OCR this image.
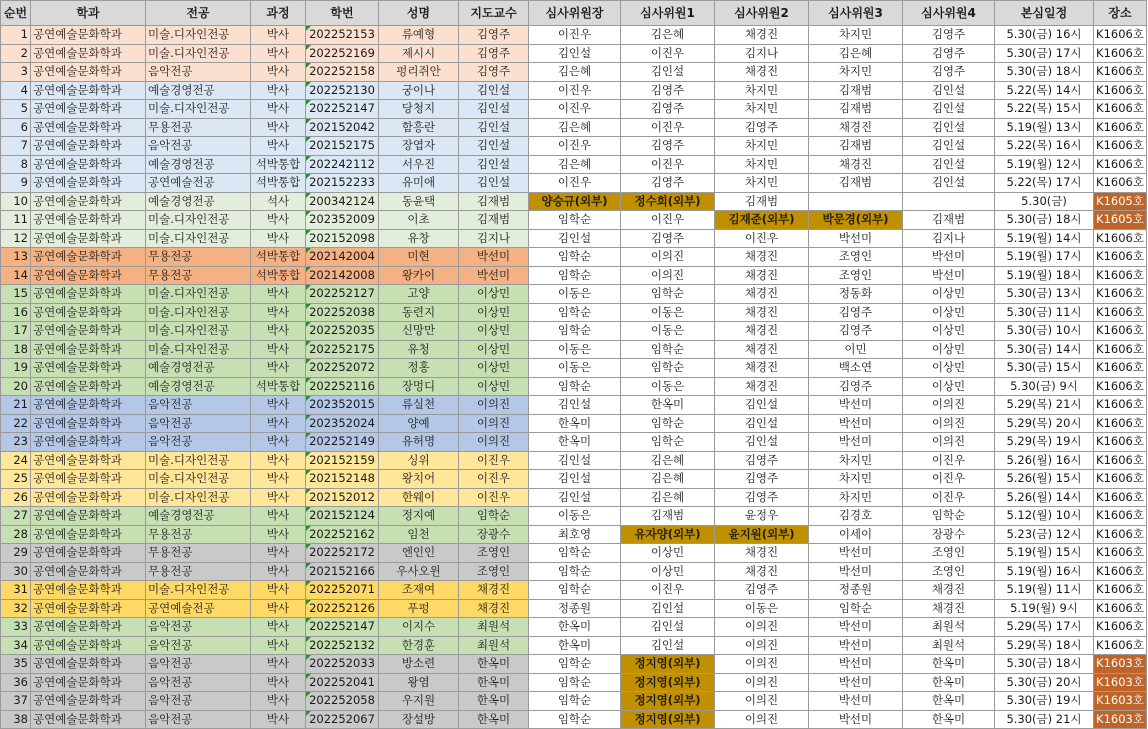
순번	학과	전공	과정	학번	성명	지도교수	심사위원장	심사위원1	심사위원2	심사위원3	심사위원4	본심일정	장소
1	공연예술문화학과	미술.디자인전공	박사	202252153	류예형	김영주	이진우	김은혜	채경진	차지민	김영주	5.30(금) 16시	K1606호
2	공연예술문화학과	미술.디자인전공	박사	202252169	제시시	김영주	김인설	이진우	김지나	김은혜	김영주	5.30(금) 17시	K1606호
3	공연예술문화학과	음악전공	박사	202252158	펑리쥐안	김영주	김은혜	김인설	채경진	차지민	김영주	5.30(금) 18시	K1606호
4	공연예술문화학과	예술경영전공	박사	202252130	궁이나	김인설	이진우	김영주	차지민	김재범	김인설	5.22(목) 14시	K1606호
5	공연예술문화학과	미술.디자인전공	박사	202252147	당청지	김인설	이진우	김영주	차지민	김재범	김인설	5.22(목) 15시	K1606호
6	공연예술문화학과	무용전공	박사	202152042	함흥란	김인설	김은혜	이진우	김영주	채경진	김인설	5.19(월) 13시	K1606호
7	공연예술문화학과	음악전공	박사	202152175	장엽자	김인설	이진우	김영주	차지민	김재범	김인설	5.22(목) 16시	K1606호
8	공연예술문화학과	예술경영전공	석박통합	202242112	서우진	김인설	김은혜	이진우	차지민	채경진	김인설	5.19(월) 12시	K1606호
9	공연예술문화학과	공연예술전공	석박통합	202152233	유미애	김인설	이진우	김영주	차지민	김재범	김인설	5.22(목) 17시	K1606호
10	공연예술문화학과	예술경영전공	석사	200342124	동윤택	김재범	양승규(외부)	정수희(외부)	김재범			5.30(금)	K1605호
11	공연예술문화학과	미술.디자인전공	박사	202352009	이초	김재범	임학순	이진우	김재준(외부)	박문경(외부)	김재범	5.30(금) 18시	K1605호
12	공연예술문화학과	미술.디자인전공	박사	202152098	유창	김지나	김인설	김영주	이진우	박선미	김지나	5.19(월) 14시	K1606호
13	공연예술문화학과	무용전공	석박통합	202142004	미현	박선미	임학순	이의진	채경진	조영인	박선미	5.19(월) 17시	K1606호
14	공연예술문화학과	무용전공	석박통합	202142008	왕카이	박선미	임학순	이의진	채경진	조영인	박선미	5.19(월) 18시	K1606호
15	공연예술문화학과	미술.디자인전공	박사	202252127	고양	이상민	이동은	임학순	채경진	정동화	이상민	5.30(금) 13시	K1606호
16	공연예술문화학과	미술.디자인전공	박사	202252038	동련지	이상민	임학순	이동은	채경진	김영주	이상민	5.30(금) 11시	K1606호
17	공연예술문화학과	미술.디자인전공	박사	202252035	신망만	이상민	임학순	이동은	채경진	김영주	이상민	5.30(금) 10시	K1606호
18	공연예술문화학과	미술.디자인전공	박사	202252175	유청	이상민	이동은	임학순	채경진	이민	이상민	5.30(금) 14시	K1606호
19	공연예술문화학과	예술경영전공	박사	202252072	정홍	이상민	이동은	임학순	채경진	백소연	이상민	5.30(금) 15시	K1606호
20	공연예술문화학과	예술경영전공	석박통합	202252116	장멍디	이상민	임학순	이동은	채경진	김영주	이상민	5.30(금) 9시	K1606호
21	공연예술문화학과	음악전공	박사	202352015	류실천	이의진	김인설	한옥미	김인설	박선미	이의진	5.29(목) 21시	K1606호
22	공연예술문화학과	음악전공	박사	202352024	양예	이의진	한옥미	임학순	김인설	박선미	이의진	5.29(목) 20시	K1606호
23	공연예술문화학과	음악전공	박사	202252149	유허명	이의진	한옥미	임학순	김인설	박선미	이의진	5.29(목) 19시	K1606호
24	공연예술문화학과	미술.디자인전공	박사	202152159	싱위	이진우	김인설	김은혜	김영주	차지민	이진우	5.26(월) 16시	K1606호
25	공연예술문화학과	미술.디자인전공	박사	202152148	왕치어	이진우	김인설	김은혜	김영주	차지민	이진우	5.26(월) 15시	K1606호
26	공연예술문화학과	미술.디자인전공	박사	202152012	한웨이	이진우	김인설	김은혜	김영주	차지민	이진우	5.26(월) 14시	K1606호
27	공연예술문화학과	예술경영전공	박사	202152124	정지예	임학순	이동은	김재범	윤정우	김경호	임학순	5.12(월) 10시	K1606호
28	공연예술문화학과	무용전공	박사	202252162	임천	장광수	최호영	유자양(외부)	윤지원(외부)	이세이	장광수	5.23(금) 12시	K1606호
29	공연예술문화학과	무용전공	박사	202252172	엔인인	조영인	임학순	이상민	채경진	박선미	조영인	5.19(월) 15시	K1606호
30	공연예술문화학과	무용전공	박사	202152166	우사오윈	조영인	임학순	이상민	채경진	박선미	조영인	5.19(월) 16시	K1606호
31	공연예술문화학과	미술.디자인전공	박사	202252071	조재여	채경진	임학순	이진우	김영주	정종원	채경진	5.19(월) 11시	K1606호
32	공연예술문화학과	공연예술전공	박사	202252126	푸펑	채경진	정종원	김인설	이동은	임학순	채경진	5.19(월) 9시	K1606호
33	공연예술문화학과	음악전공	박사	202252147	이지수	최원석	한옥미	김인설	이의진	박선미	최원석	5.29(목) 17시	K1606호
34	공연예술문화학과	음악전공	박사	202252132	한경훈	최원석	한옥미	김인설	이의진	박선미	최원석	5.29(목) 18시	K1606호
35	공연예술문화학과	음악전공	박사	202252033	방소련	한옥미	임학순	정지영(외부)	이의진	박선미	한옥미	5.30(금) 18시	K1603호
36	공연예술문화학과	음악전공	박사	202252041	왕염	한옥미	임학순	정지영(외부)	이의진	박선미	한옥미	5.30(금) 20시	K1603호
37	공연예술문화학과	음악전공	박사	202252058	우지원	한옥미	임학순	정지영(외부)	이의진	박선미	한옥미	5.30(금) 19시	K1603호
38	공연예술문화학과	음악전공	박사	202252067	장설방	한옥미	임학순	정지영(외부)	이의진	박선미	한옥미	5.30(금) 21시	K1603호
